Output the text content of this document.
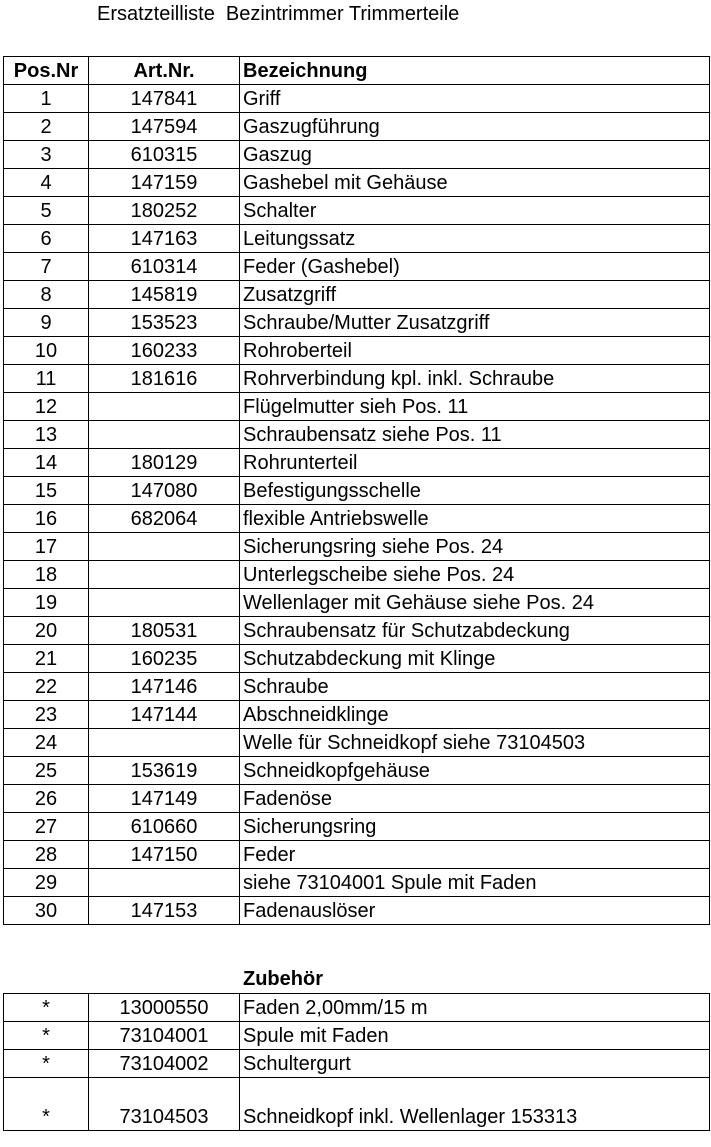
Ersatzteilliste  Bezintrimmer Trimmerteile
Pos.Nr	Art.Nr.	Bezeichnung
1	147841	Griff
2	147594	Gaszugführung
3	610315	Gaszug
4	147159	Gashebel mit Gehäuse
5	180252	Schalter
6	147163	Leitungssatz
7	610314	Feder (Gashebel)
8	145819	Zusatzgriff
9	153523	Schraube/Mutter Zusatzgriff
10	160233	Rohroberteil
11	181616	Rohrverbindung kpl. inkl. Schraube
12		Flügelmutter sieh Pos. 11
13		Schraubensatz siehe Pos. 11
14	180129	Rohrunterteil
15	147080	Befestigungsschelle
16	682064	flexible Antriebswelle
17		Sicherungsring siehe Pos. 24
18		Unterlegscheibe siehe Pos. 24
19		Wellenlager mit Gehäuse siehe Pos. 24
20	180531	Schraubensatz für Schutzabdeckung
21	160235	Schutzabdeckung mit Klinge
22	147146	Schraube
23	147144	Abschneidklinge
24		Welle für Schneidkopf siehe 73104503
25	153619	Schneidkopfgehäuse
26	147149	Fadenöse
27	610660	Sicherungsring
28	147150	Feder
29		siehe 73104001 Spule mit Faden
30	147153	Fadenauslöser
Zubehör
*	13000550	Faden 2,00mm/15 m
*	73104001	Spule mit Faden
*	73104002	Schultergurt
*	73104503	Schneidkopf inkl. Wellenlager 153313
